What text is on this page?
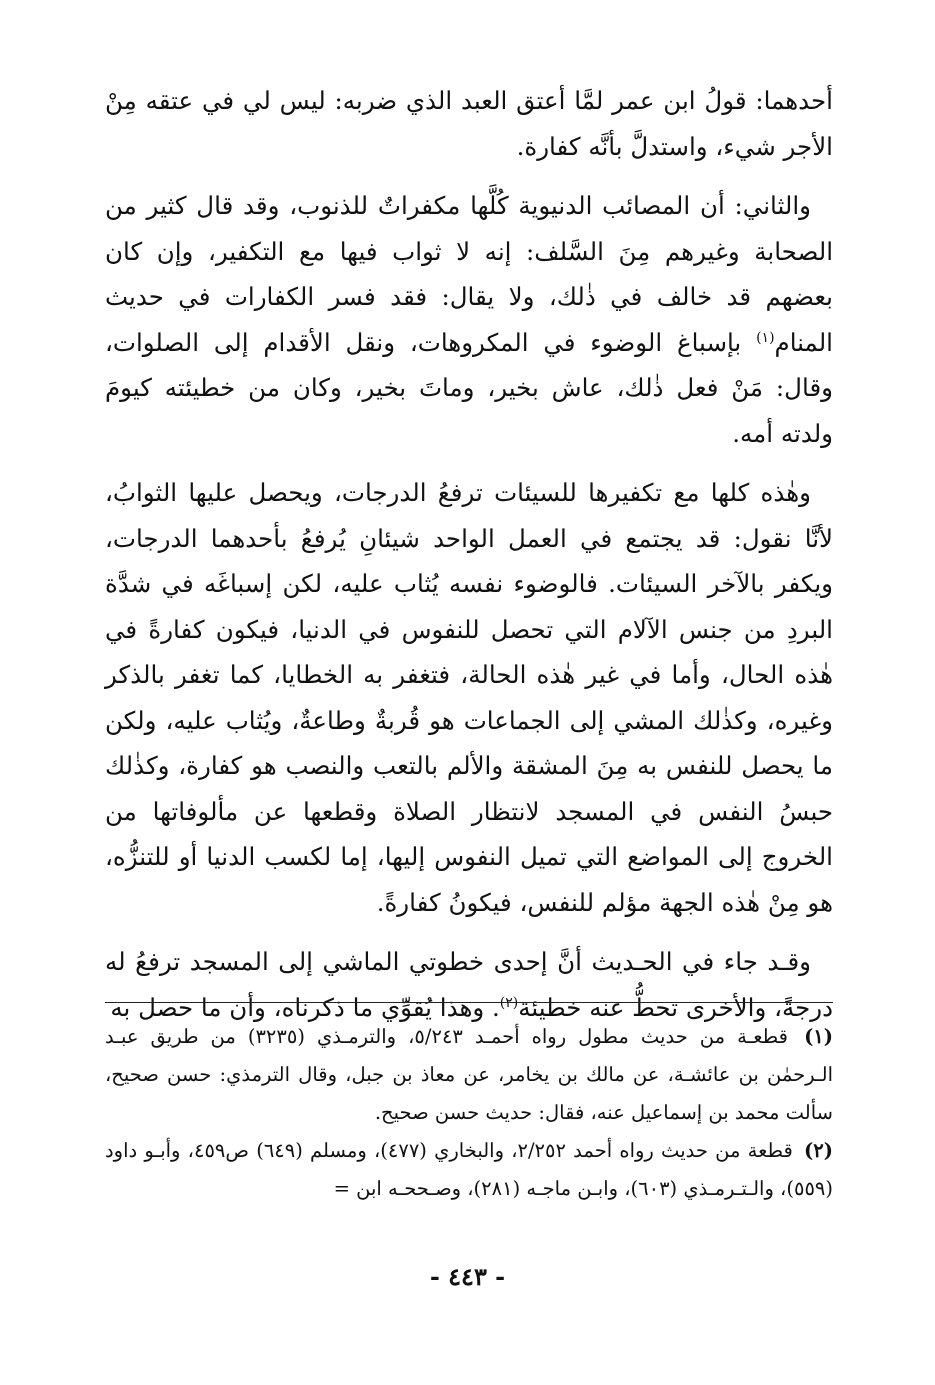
أحدهما: قولُ ابن عمر لمَّا أعتق العبد الذي ضربه: ليس لي في عتقه مِنْ الأجر شيء، واستدلَّ بأنَّه كفارة.

والثاني: أن المصائب الدنيوية كُلَّها مكفراتٌ للذنوب، وقد قال كثير من الصحابة وغيرهم مِنَ السَّلف: إنه لا ثواب فيها مع التكفير، وإن كان بعضهم قد خالف في ذٰلك، ولا يقال: فقد فسر الكفارات في حديث المنام$^{(١)}$ بإسباغ الوضوء في المكروهات، ونقل الأقدام إلى الصلوات، وقال: مَنْ فعل ذٰلك، عاش بخير، وماتَ بخير، وكان من خطيئته كيومَ ولدته أمه.

وهٰذه كلها مع تكفيرها للسيئات ترفعُ الدرجات، ويحصل عليها الثوابُ، لأنَّا نقول: قد يجتمع في العمل الواحد شيئانِ يُرفعُ بأحدهما الدرجات، ويكفر بالآخر السيئات. فالوضوء نفسه يُثاب عليه، لكن إسباغَه في شدَّة البردِ من جنس الآلام التي تحصل للنفوس في الدنيا، فيكون كفارةً في هٰذه الحال، وأما في غير هٰذه الحالة، فتغفر به الخطايا، كما تغفر بالذكر وغيره، وكذٰلك المشي إلى الجماعات هو قُربةٌ وطاعةٌ، ويُثاب عليه، ولكن ما يحصل للنفس به مِنَ المشقة والألم بالتعب والنصب هو كفارة، وكذٰلك حبسُ النفس في المسجد لانتظار الصلاة وقطعها عن مألوفاتها من الخروج إلى المواضع التي تميل النفوس إليها، إما لكسب الدنيا أو للتنزُّه، هو مِنْ هٰذه الجهة مؤلم للنفس، فيكونُ كفارةً.

وقـد جاء في الحـديث أنَّ إحدى خطوتي الماشي إلى المسجد ترفعُ له درجةً، والأخرى تحطُّ عنه خطيئة$^{(٢)}$. وهذا يُقوِّي ما ذكرناه، وأن ما حصل به

(١) قطعـة من حديث مطول رواه أحمـد ٥/٢٤٣، والترمـذي (٣٢٣٥) من طريق عبـد الـرحمٰن بن عائشـة، عن مالك بن يخامر، عن معاذ بن جبل، وقال الترمذي: حسن صحيح، سألت محمد بن إسماعيل عنه، فقال: حديث حسن صحيح.

(٢) قطعة من حديث رواه أحمد ٢/٢٥٢، والبخاري (٤٧٧)، ومسلم (٦٤٩) ص٤٥٩، وأبـو داود (٥٥٩)، والـتـرمـذي (٦٠٣)، وابـن ماجـه (٢٨١)، وصـححـه ابن =

- ٤٤٣ -
